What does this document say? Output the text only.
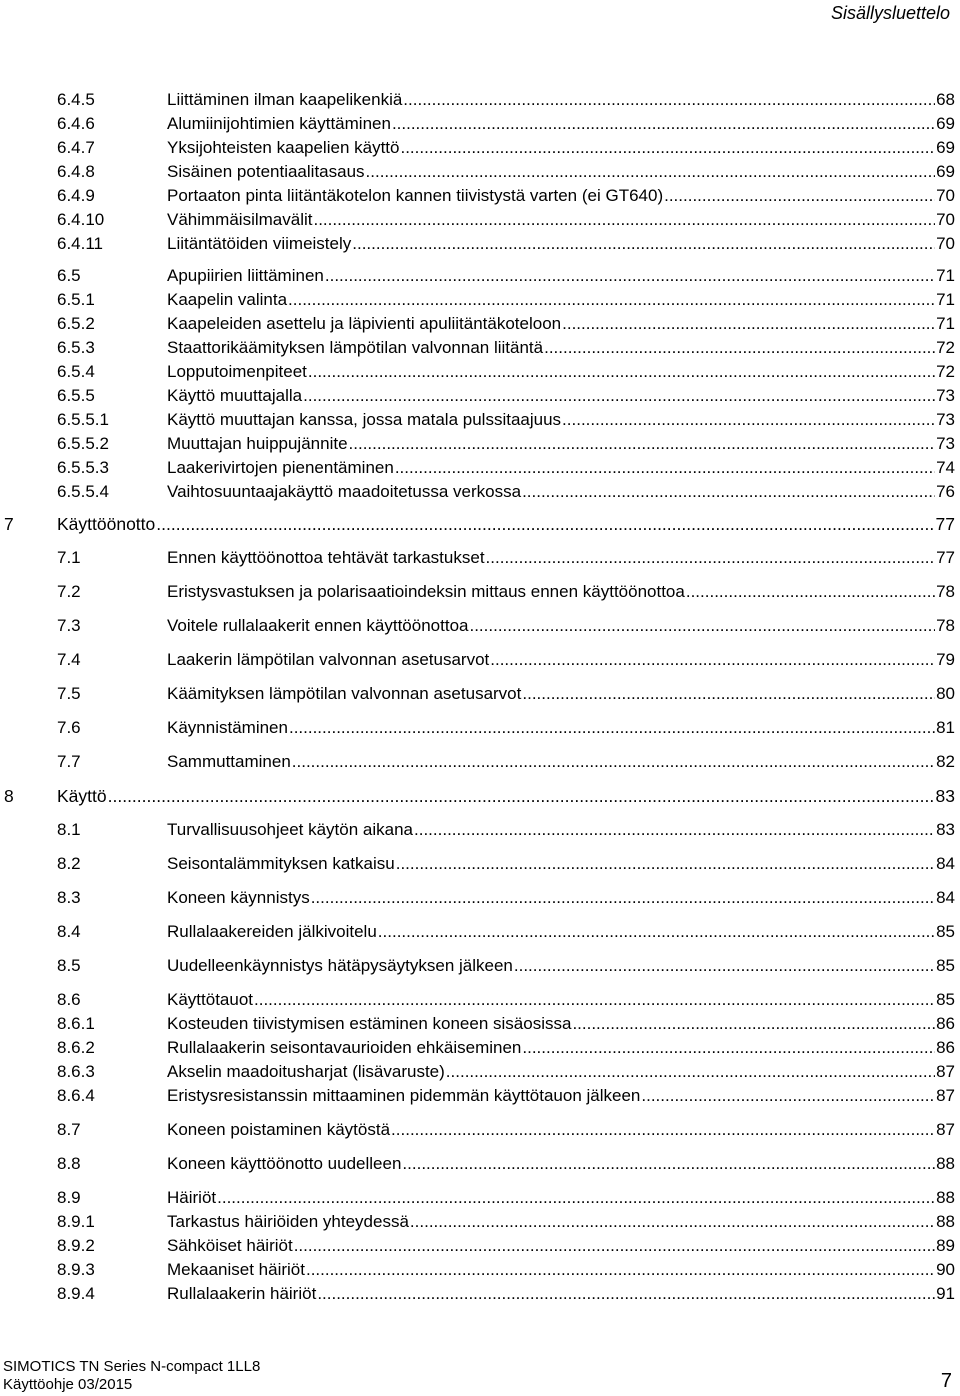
Sisällysluettelo
6.4.5	Liittäminen ilman kaapelikenkiä .....	68
6.4.6	Alumiinijohtimien käyttäminen .....	69
6.4.7	Yksijohteisten kaapelien käyttö .....	69
6.4.8	Sisäinen potentiaalitasaus .....	69
6.4.9	Portaaton pinta liitäntäkotelon kannen tiivistystä varten (ei GT640) .....	70
6.4.10	Vähimmäisilmavälit .....	70
6.4.11	Liitäntätöiden viimeistely .....	70
6.5	Apupiirien liittäminen .....	71
6.5.1	Kaapelin valinta .....	71
6.5.2	Kaapeleiden asettelu ja läpivienti apuliitäntäkoteloon .....	71
6.5.3	Staattorikäämityksen lämpötilan valvonnan liitäntä .....	72
6.5.4	Lopputoimenpiteet .....	72
6.5.5	Käyttö muuttajalla .....	73
6.5.5.1	Käyttö muuttajan kanssa, jossa matala pulssitaajuus .....	73
6.5.5.2	Muuttajan huippujännite .....	73
6.5.5.3	Laakerivirtojen pienentäminen .....	74
6.5.5.4	Vaihtosuuntaajakäyttö maadoitetussa verkossa .....	76
7	Käyttöönotto .....	77
7.1	Ennen käyttöönottoa tehtävät tarkastukset .....	77
7.2	Eristysvastuksen ja polarisaatioindeksin mittaus ennen käyttöönottoa .....	78
7.3	Voitele rullalaakerit ennen käyttöönottoa .....	78
7.4	Laakerin lämpötilan valvonnan asetusarvot .....	79
7.5	Käämityksen lämpötilan valvonnan asetusarvot .....	80
7.6	Käynnistäminen .....	81
7.7	Sammuttaminen .....	82
8	Käyttö .....	83
8.1	Turvallisuusohjeet käytön aikana .....	83
8.2	Seisontalämmityksen katkaisu .....	84
8.3	Koneen käynnistys .....	84
8.4	Rullalaakereiden jälkivoitelu .....	85
8.5	Uudelleenkäynnistys hätäpysäytyksen jälkeen .....	85
8.6	Käyttötauot .....	85
8.6.1	Kosteuden tiivistymisen estäminen koneen sisäosissa .....	86
8.6.2	Rullalaakerin seisontavaurioiden ehkäiseminen .....	86
8.6.3	Akselin maadoitusharjat (lisävaruste) .....	87
8.6.4	Eristysresistanssin mittaaminen pidemmän käyttötauon jälkeen .....	87
8.7	Koneen poistaminen käytöstä .....	87
8.8	Koneen käyttöönotto uudelleen .....	88
8.9	Häiriöt .....	88
8.9.1	Tarkastus häiriöiden yhteydessä .....	88
8.9.2	Sähköiset häiriöt .....	89
8.9.3	Mekaaniset häiriöt .....	90
8.9.4	Rullalaakerin häiriöt .....	91
SIMOTICS TN Series N-compact 1LL8
Käyttöohje 03/2015	7
